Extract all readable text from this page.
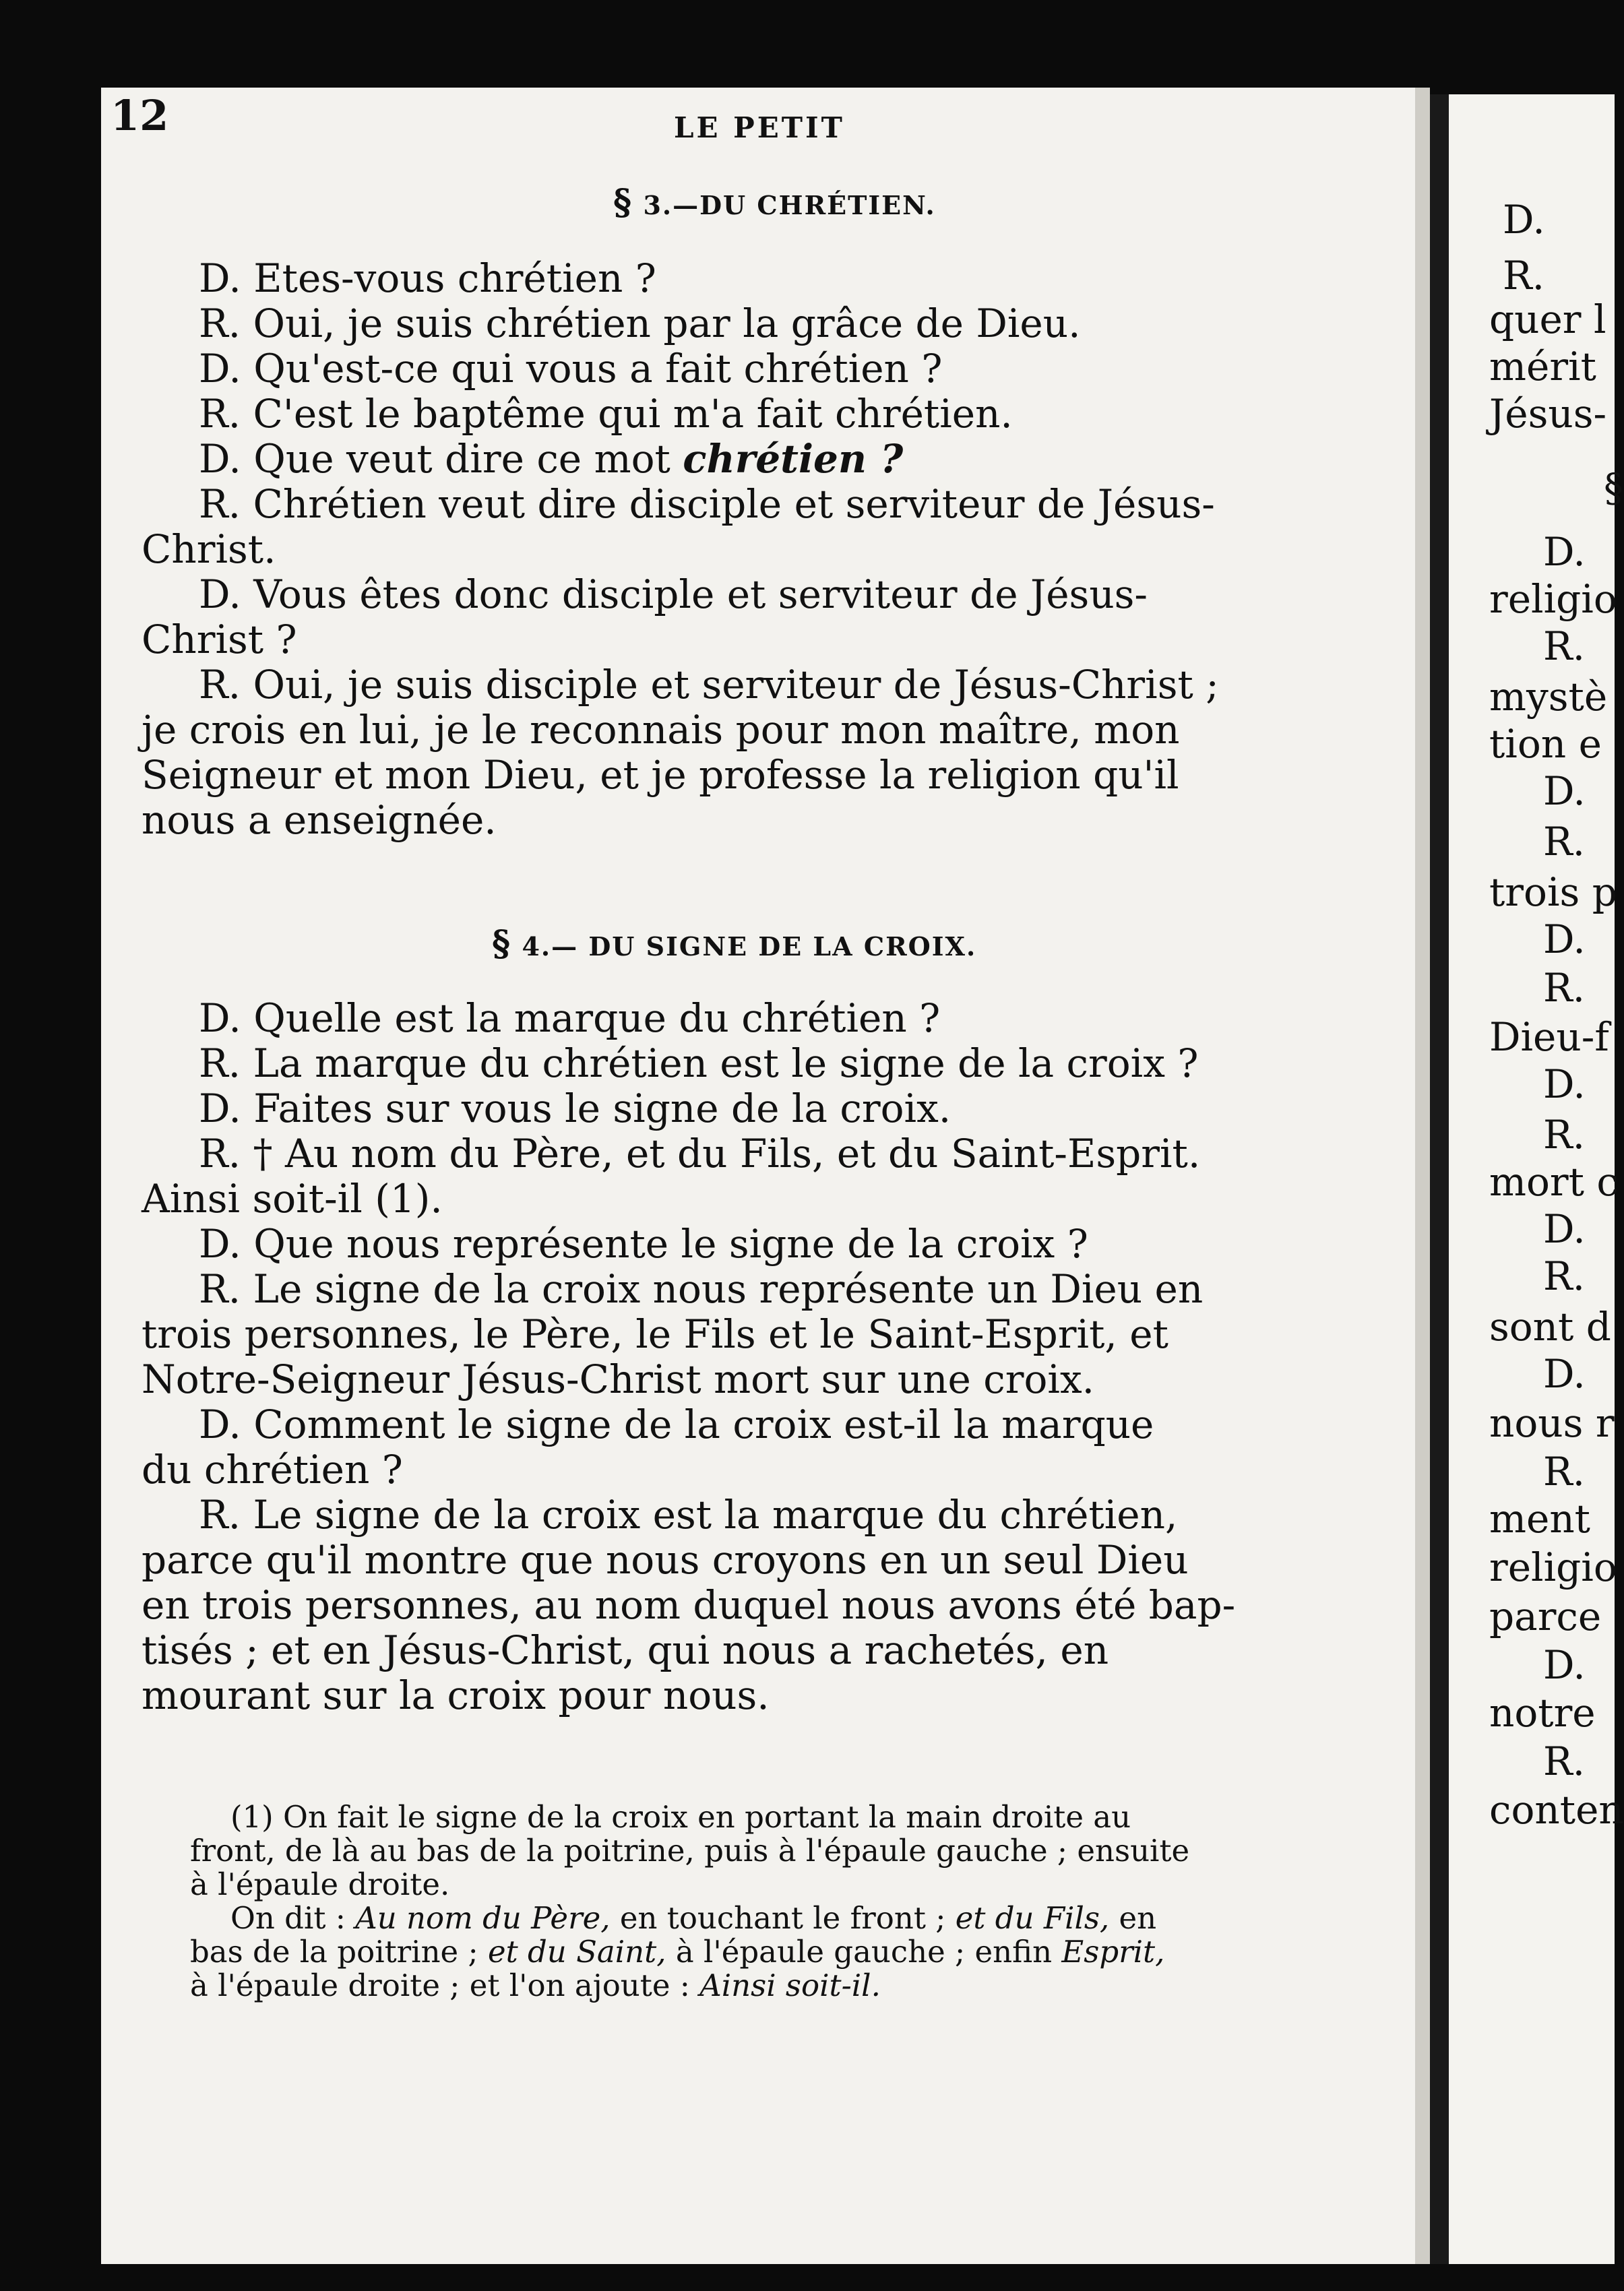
12	LE PETIT
§ 3.—DU CHRÉTIEN.
D. Etes-vous chrétien ?
R. Oui, je suis chrétien par la grâce de Dieu.
D. Qu'est-ce qui vous a fait chrétien ?
R. C'est le baptême qui m'a fait chrétien.
D. Que veut dire ce mot chrétien ?
R. Chrétien veut dire disciple et serviteur de Jésus-
Christ.
D. Vous êtes donc disciple et serviteur de Jésus-
Christ ?
R. Oui, je suis disciple et serviteur de Jésus-Christ ;
je crois en lui, je le reconnais pour mon maître, mon
Seigneur et mon Dieu, et je professe la religion qu'il
nous a enseignée.
§ 4.— DU SIGNE DE LA CROIX.
D. Quelle est la marque du chrétien ?
R. La marque du chrétien est le signe de la croix ?
D. Faites sur vous le signe de la croix.
R. † Au nom du Père, et du Fils, et du Saint-Esprit.
Ainsi soit-il (1).
D. Que nous représente le signe de la croix ?
R. Le signe de la croix nous représente un Dieu en
trois personnes, le Père, le Fils et le Saint-Esprit, et
Notre-Seigneur Jésus-Christ mort sur une croix.
D. Comment le signe de la croix est-il la marque
du chrétien ?
R. Le signe de la croix est la marque du chrétien,
parce qu'il montre que nous croyons en un seul Dieu
en trois personnes, au nom duquel nous avons été bap-
tisés ; et en Jésus-Christ, qui nous a rachetés, en
mourant sur la croix pour nous.
(1) On fait le signe de la croix en portant la main droite au
front, de là au bas de la poitrine, puis à l'épaule gauche ; ensuite
à l'épaule droite.
On dit : Au nom du Père, en touchant le front ; et du Fils, en
bas de la poitrine ; et du Saint, à l'épaule gauche ; enfin Esprit,
à l'épaule droite ; et l'on ajoute : Ainsi soit-il.
D.
R.
quer l
mérit
Jésus-
§
D.
religio
R.
mystè
tion e
D.
R.
trois p
D.
R.
Dieu-f
D.
R.
mort c
D.
R.
sont d
D.
nous r
R.
ment
religio
parce
D.
notre
R.
conten
